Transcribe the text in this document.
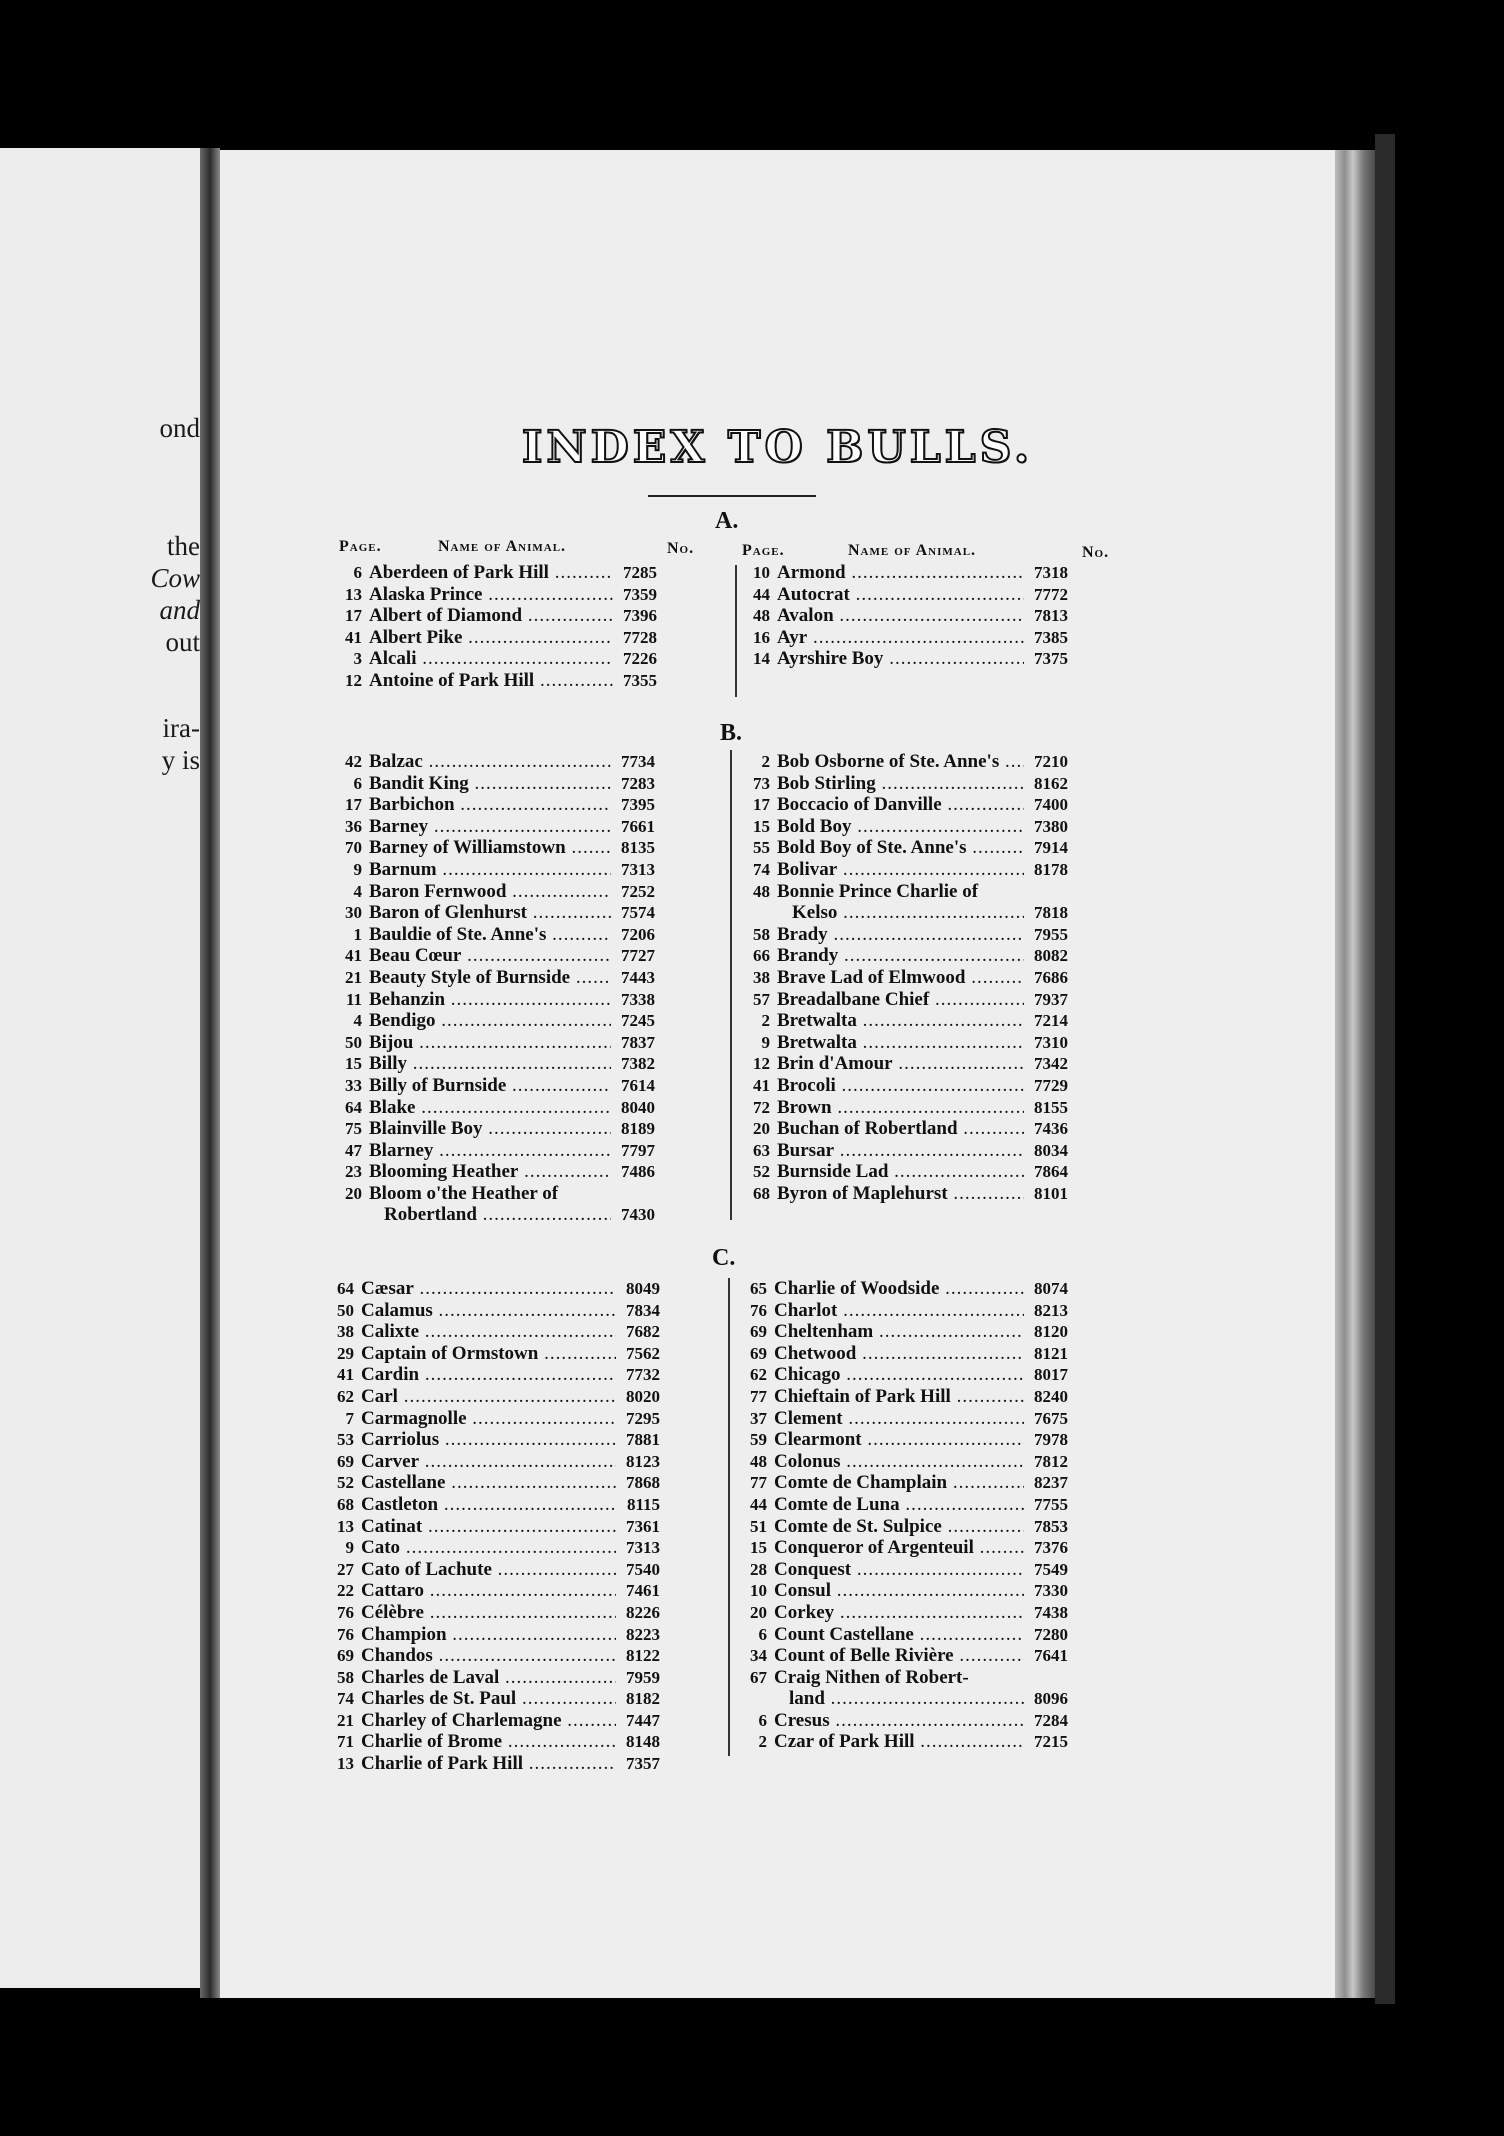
ond
the
Cow
and
out
ira-
y is
INDEX TO BULLS.
Page.	Name of Animal.	No.	Page.	Name of Animal.	No.
A.
6 Aberdeen of Park Hill .....	7285
13 Alaska Prince .....	7359
17 Albert of Diamond .....	7396
41 Albert Pike .....	7728
3 Alcali .....	7226
12 Antoine of Park Hill .....	7355
10 Armond .....	7318
44 Autocrat .....	7772
48 Avalon .....	7813
16 Ayr .....	7385
14 Ayrshire Boy .....	7375
B.
42 Balzac .....	7734
6 Bandit King .....	7283
17 Barbichon .....	7395
36 Barney .....	7661
70 Barney of Williamstown .....	8135
9 Barnum .....	7313
4 Baron Fernwood .....	7252
30 Baron of Glenhurst .....	7574
1 Bauldie of Ste. Anne's .....	7206
41 Beau Cœur .....	7727
21 Beauty Style of Burnside .....	7443
11 Behanzin .....	7338
4 Bendigo .....	7245
50 Bijou .....	7837
15 Billy .....	7382
33 Billy of Burnside .....	7614
64 Blake .....	8040
75 Blainville Boy .....	8189
47 Blarney .....	7797
23 Blooming Heather .....	7486
20 Bloom o'the Heather of
Robertland .....	7430
2 Bob Osborne of Ste. Anne's .....	7210
73 Bob Stirling .....	8162
17 Boccacio of Danville .....	7400
15 Bold Boy .....	7380
55 Bold Boy of Ste. Anne's .....	7914
74 Bolivar .....	8178
48 Bonnie Prince Charlie of
Kelso .....	7818
58 Brady .....	7955
66 Brandy .....	8082
38 Brave Lad of Elmwood .....	7686
57 Breadalbane Chief .....	7937
2 Bretwalta .....	7214
9 Bretwalta .....	7310
12 Brin d'Amour .....	7342
41 Brocoli .....	7729
72 Brown .....	8155
20 Buchan of Robertland .....	7436
63 Bursar .....	8034
52 Burnside Lad .....	7864
68 Byron of Maplehurst .....	8101
C.
64 Cæsar .....	8049
50 Calamus .....	7834
38 Calixte .....	7682
29 Captain of Ormstown .....	7562
41 Cardin .....	7732
62 Carl .....	8020
7 Carmagnolle .....	7295
53 Carriolus .....	7881
69 Carver .....	8123
52 Castellane .....	7868
68 Castleton .....	8115
13 Catinat .....	7361
9 Cato .....	7313
27 Cato of Lachute .....	7540
22 Cattaro .....	7461
76 Célèbre .....	8226
76 Champion .....	8223
69 Chandos .....	8122
58 Charles de Laval .....	7959
74 Charles de St. Paul .....	8182
21 Charley of Charlemagne .....	7447
71 Charlie of Brome .....	8148
13 Charlie of Park Hill .....	7357
65 Charlie of Woodside .....	8074
76 Charlot .....	8213
69 Cheltenham .....	8120
69 Chetwood .....	8121
62 Chicago .....	8017
77 Chieftain of Park Hill .....	8240
37 Clement .....	7675
59 Clearmont .....	7978
48 Colonus .....	7812
77 Comte de Champlain .....	8237
44 Comte de Luna .....	7755
51 Comte de St. Sulpice .....	7853
15 Conqueror of Argenteuil .....	7376
28 Conquest .....	7549
10 Consul .....	7330
20 Corkey .....	7438
6 Count Castellane .....	7280
34 Count of Belle Rivière .....	7641
67 Craig Nithen of Robert-
land .....	8096
6 Cresus .....	7284
2 Czar of Park Hill .....	7215
